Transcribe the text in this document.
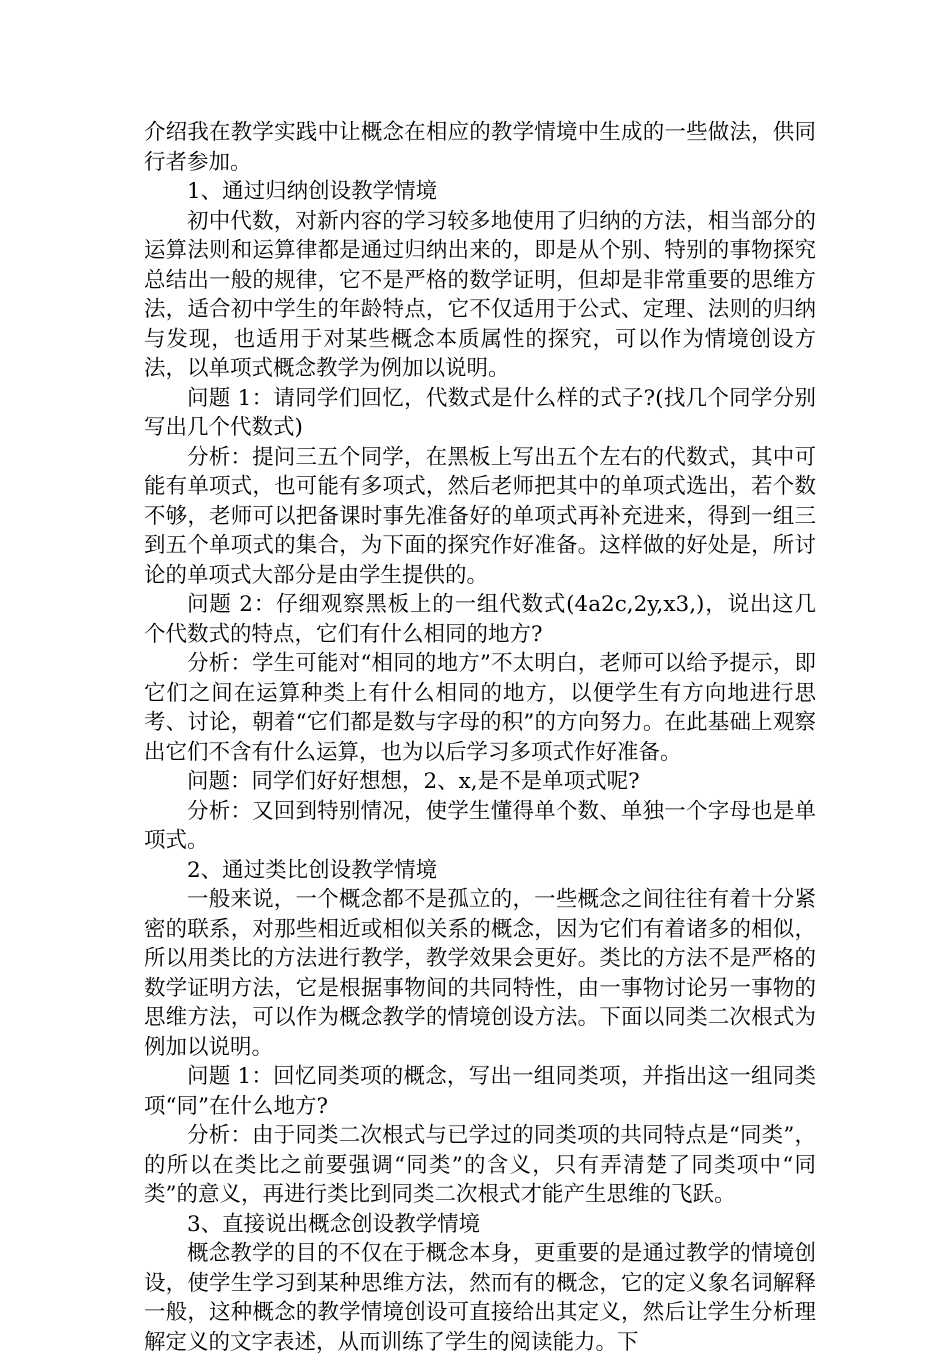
介绍我在教学实践中让概念在相应的教学情境中生成的一些做法，供同行者参加。

1、通过归纳创设教学情境

初中代数，对新内容的学习较多地使用了归纳的方法，相当部分的运算法则和运算律都是通过归纳出来的，即是从个别、特别的事物探究总结出一般的规律，它不是严格的数学证明，但却是非常重要的思维方法，适合初中学生的年龄特点，它不仅适用于公式、定理、法则的归纳与发现，也适用于对某些概念本质属性的探究，可以作为情境创设方法，以单项式概念教学为例加以说明。

问题 1：请同学们回忆，代数式是什么样的式子?(找几个同学分别写出几个代数式)

分析：提问三五个同学，在黑板上写出五个左右的代数式，其中可能有单项式，也可能有多项式，然后老师把其中的单项式选出，若个数不够，老师可以把备课时事先准备好的单项式再补充进来，得到一组三到五个单项式的集合，为下面的探究作好准备。这样做的好处是，所讨论的单项式大部分是由学生提供的。

问题 2：仔细观察黑板上的一组代数式(4a2c,2y,x3,)，说出这几个代数式的特点，它们有什么相同的地方?

分析：学生可能对“相同的地方”不太明白，老师可以给予提示，即它们之间在运算种类上有什么相同的地方，以便学生有方向地进行思考、讨论，朝着“它们都是数与字母的积”的方向努力。在此基础上观察出它们不含有什么运算，也为以后学习多项式作好准备。

问题：同学们好好想想，2、x,是不是单项式呢?

分析：又回到特别情况，使学生懂得单个数、单独一个字母也是单项式。

2、通过类比创设教学情境

一般来说，一个概念都不是孤立的，一些概念之间往往有着十分紧密的联系，对那些相近或相似关系的概念，因为它们有着诸多的相似，所以用类比的方法进行教学，教学效果会更好。类比的方法不是严格的数学证明方法，它是根据事物间的共同特性，由一事物讨论另一事物的思维方法，可以作为概念教学的情境创设方法。下面以同类二次根式为例加以说明。

问题 1：回忆同类项的概念，写出一组同类项，并指出这一组同类项“同”在什么地方?

分析：由于同类二次根式与已学过的同类项的共同特点是“同类”，的所以在类比之前要强调“同类”的含义，只有弄清楚了同类项中“同类”的意义，再进行类比到同类二次根式才能产生思维的飞跃。

3、直接说出概念创设教学情境

概念教学的目的不仅在于概念本身，更重要的是通过教学的情境创设，使学生学习到某种思维方法，然而有的概念，它的定义象名词解释一般，这种概念的教学情境创设可直接给出其定义，然后让学生分析理解定义的文字表述，从而训练了学生的阅读能力。下
